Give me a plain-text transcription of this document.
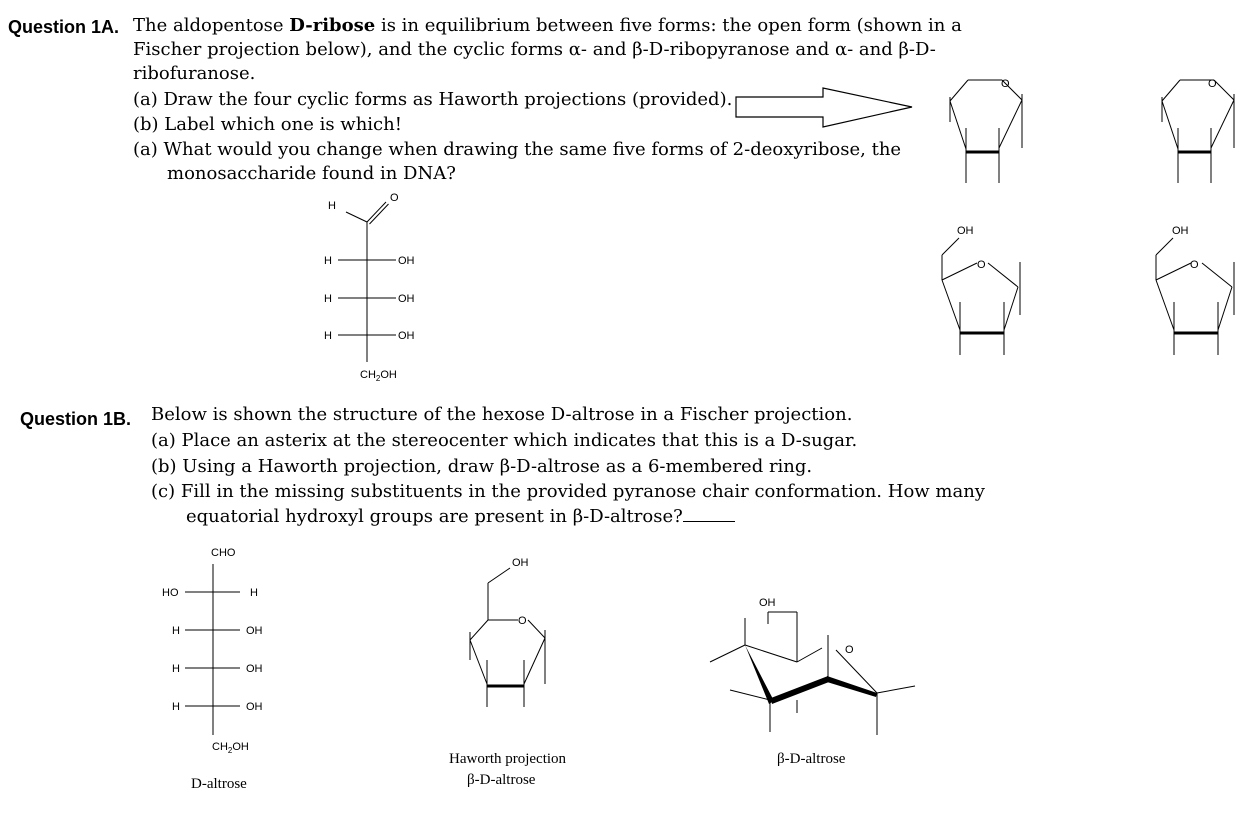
Question 1A. The aldopentose D-ribose is in equilibrium between five forms: the open form (shown in a
Fischer projection below), and the cyclic forms α- and β-D-ribopyranose and α- and β-D-
ribofuranose.
(a) Draw the four cyclic forms as Haworth projections (provided).
(b) Label which one is which!
(a) What would you change when drawing the same five forms of 2-deoxyribose, the
monosaccharide found in DNA?
Question 1B. Below is shown the structure of the hexose D-altrose in a Fischer projection.
(a) Place an asterix at the stereocenter which indicates that this is a D-sugar.
(b) Using a Haworth projection, draw β-D-altrose as a 6-membered ring.
(c) Fill in the missing substituents in the provided pyranose chair conformation. How many
equatorial hydroxyl groups are present in β-D-altrose?
D-altrose
Haworth projection
β-D-altrose
β-D-altrose
H
O
H	OH
H	OH
H	OH
$CH_2OH$
O	O
OH
O
OH
O
CHO
HO	H
H	OH
H	OH
H	OH
$CH_2OH$
OH
O
OH
O
